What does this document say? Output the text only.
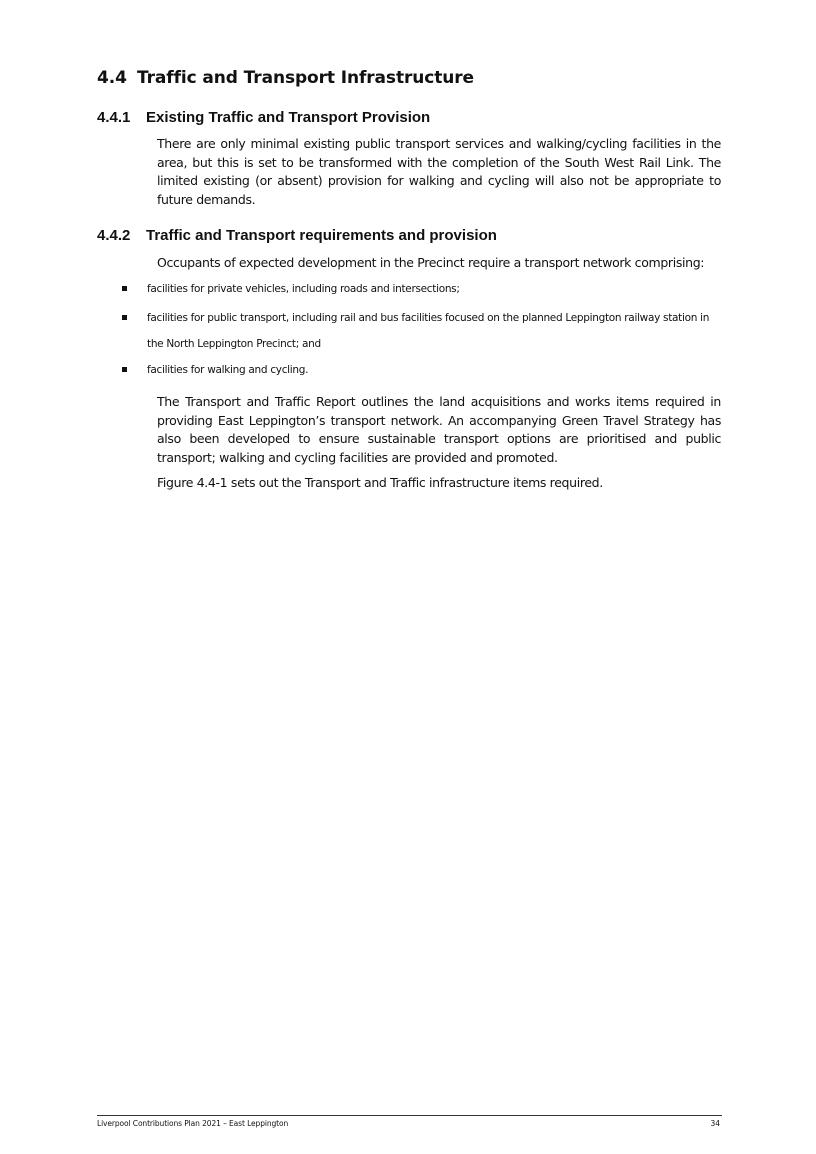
4.4 Traffic and Transport Infrastructure
4.4.1 Existing Traffic and Transport Provision

There are only minimal existing public transport services and walking/cycling facilities in the area, but this is set to be transformed with the completion of the South West Rail Link. The limited existing (or absent) provision for walking and cycling will also not be appropriate to future demands.

4.4.2 Traffic and Transport requirements and provision

Occupants of expected development in the Precinct require a transport network comprising:

facilities for private vehicles, including roads and intersections;

facilities for public transport, including rail and bus facilities focused on the planned Leppington railway station in the North Leppington Precinct; and

facilities for walking and cycling.

The Transport and Traffic Report outlines the land acquisitions and works items required in providing East Leppington’s transport network. An accompanying Green Travel Strategy has also been developed to ensure sustainable transport options are prioritised and public transport; walking and cycling facilities are provided and promoted.

Figure 4.4-1 sets out the Transport and Traffic infrastructure items required.

Liverpool Contributions Plan 2021 – East Leppington	34
